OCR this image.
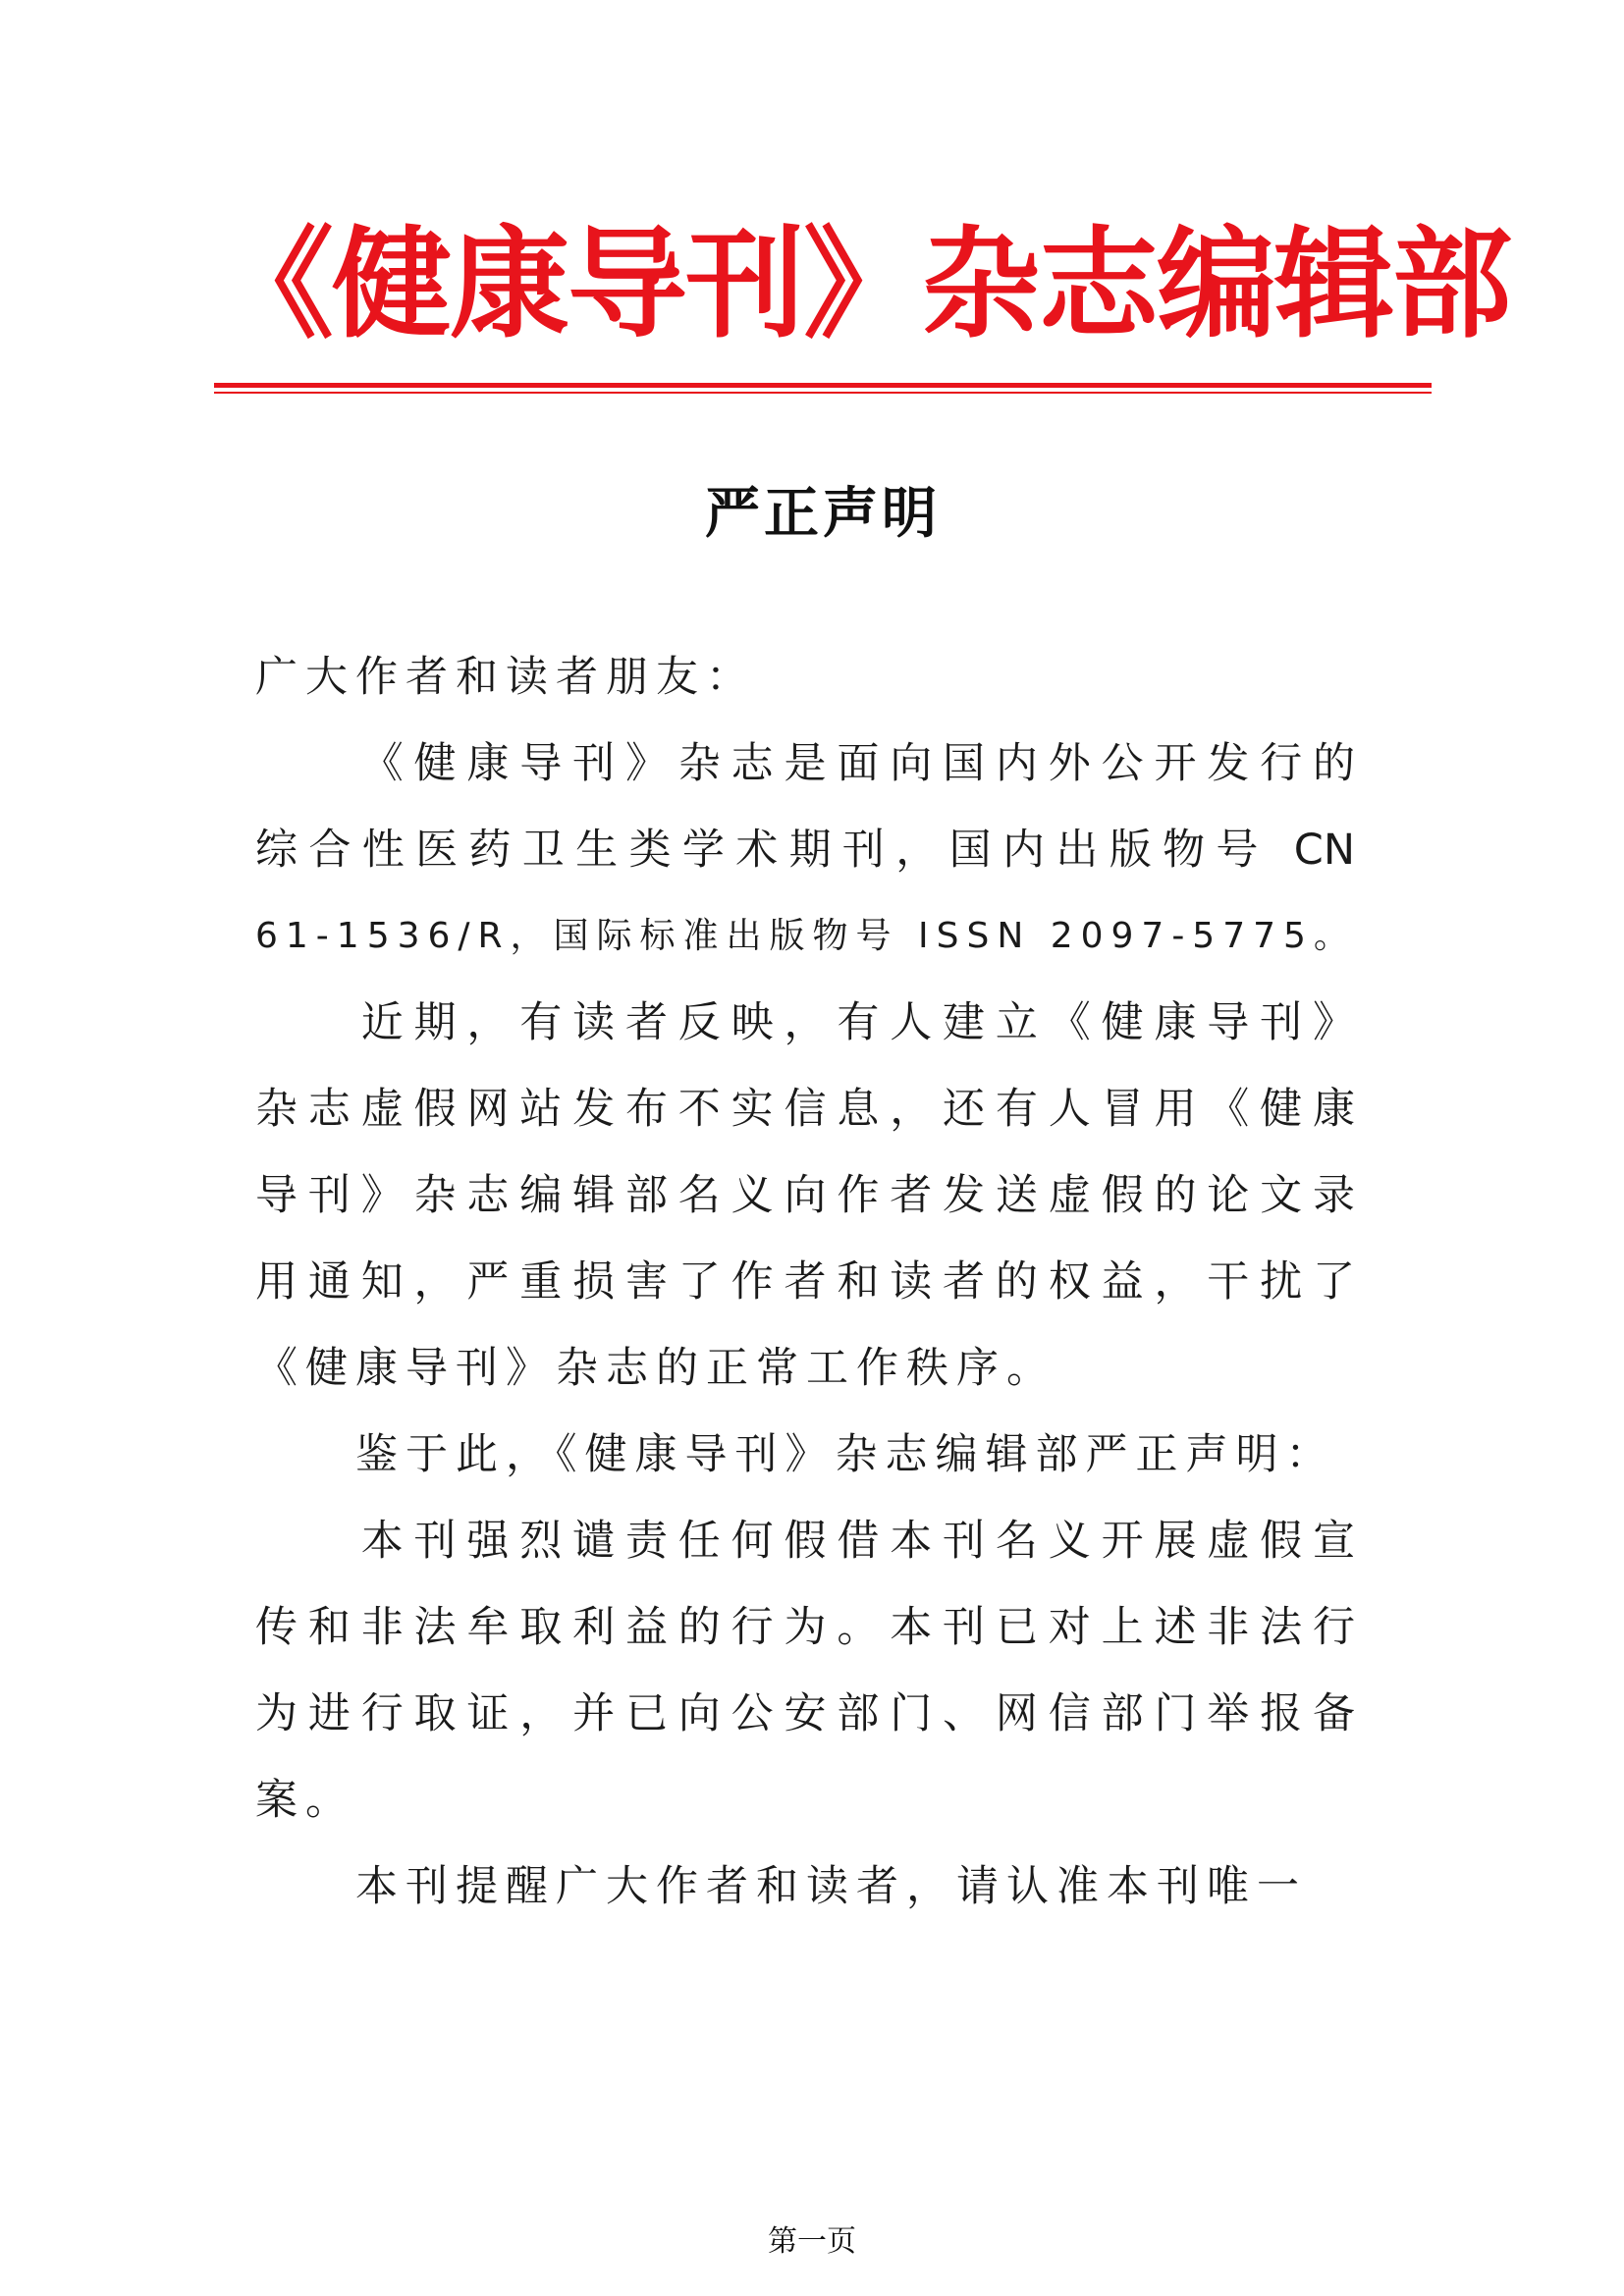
《健康导刊》杂志编辑部
严正声明
广大作者和读者朋友：
　​　​《​健​康​导​刊​》​杂​志​是​面​向​国​内​外​公​开​发​行​的
综​合​性​医​药​卫​生​类​学​术​期​刊​，​国​内​出​版​物​号​ ​C​N
61-1536/R，国际标准出版物号 ISSN 2097-5775。
　​　​近​期​，​有​读​者​反​映​，​有​人​建​立​《​健​康​导​刊​》
杂​志​虚​假​网​站​发​布​不​实​信​息​，​还​有​人​冒​用​《​健​康
导​刊​》​杂​志​编​辑​部​名​义​向​作​者​发​送​虚​假​的​论​文​录
用​通​知​，​严​重​损​害​了​作​者​和​读​者​的​权​益​，​干​扰​了
《健康导刊》杂志的正常工作秩序。
　　鉴于此，《健康导刊》杂志编辑部严正声明：
　​　​本​刊​强​烈​谴​责​任​何​假​借​本​刊​名​义​开​展​虚​假​宣
传​和​非​法​牟​取​利​益​的​行​为​。​本​刊​已​对​上​述​非​法​行
为​进​行​取​证​，​并​已​向​公​安​部​门​、​网​信​部​门​举​报​备
案。
　　本刊提醒广大作者和读者，请认准本刊唯一
第一页
